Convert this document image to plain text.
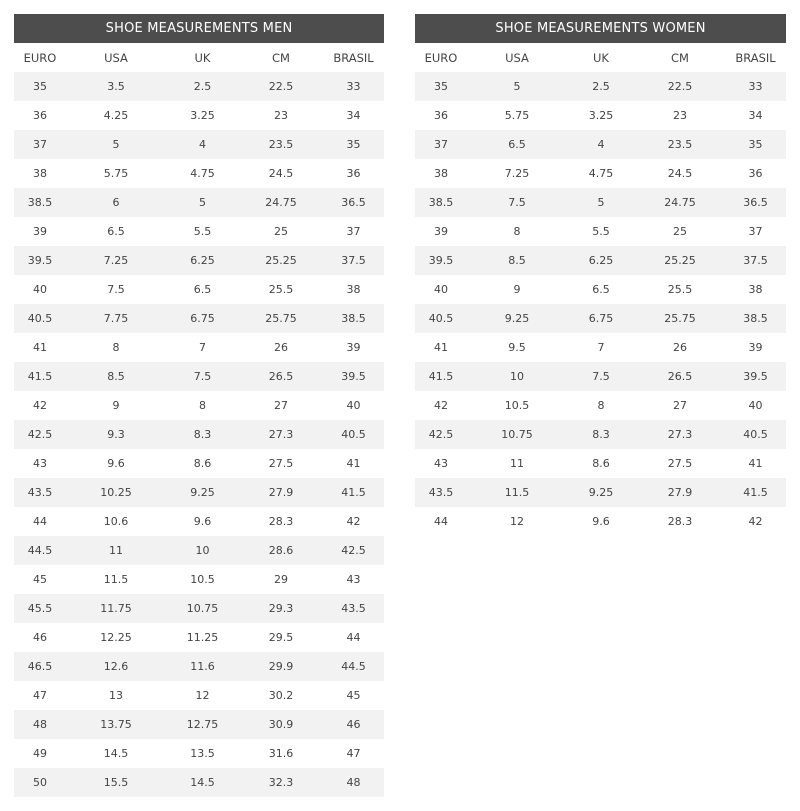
SHOE MEASUREMENTS MEN				
EURO	USA	UK	CM	BRASIL
35	3.5	2.5	22.5	33
36	4.25	3.25	23	34
37	5	4	23.5	35
38	5.75	4.75	24.5	36
38.5	6	5	24.75	36.5
39	6.5	5.5	25	37
39.5	7.25	6.25	25.25	37.5
40	7.5	6.5	25.5	38
40.5	7.75	6.75	25.75	38.5
41	8	7	26	39
41.5	8.5	7.5	26.5	39.5
42	9	8	27	40
42.5	9.3	8.3	27.3	40.5
43	9.6	8.6	27.5	41
43.5	10.25	9.25	27.9	41.5
44	10.6	9.6	28.3	42
44.5	11	10	28.6	42.5
45	11.5	10.5	29	43
45.5	11.75	10.75	29.3	43.5
46	12.25	11.25	29.5	44
46.5	12.6	11.6	29.9	44.5
47	13	12	30.2	45
48	13.75	12.75	30.9	46
49	14.5	13.5	31.6	47
50	15.5	14.5	32.3	48
SHOE MEASUREMENTS WOMEN				
EURO	USA	UK	CM	BRASIL
35	5	2.5	22.5	33
36	5.75	3.25	23	34
37	6.5	4	23.5	35
38	7.25	4.75	24.5	36
38.5	7.5	5	24.75	36.5
39	8	5.5	25	37
39.5	8.5	6.25	25.25	37.5
40	9	6.5	25.5	38
40.5	9.25	6.75	25.75	38.5
41	9.5	7	26	39
41.5	10	7.5	26.5	39.5
42	10.5	8	27	40
42.5	10.75	8.3	27.3	40.5
43	11	8.6	27.5	41
43.5	11.5	9.25	27.9	41.5
44	12	9.6	28.3	42
